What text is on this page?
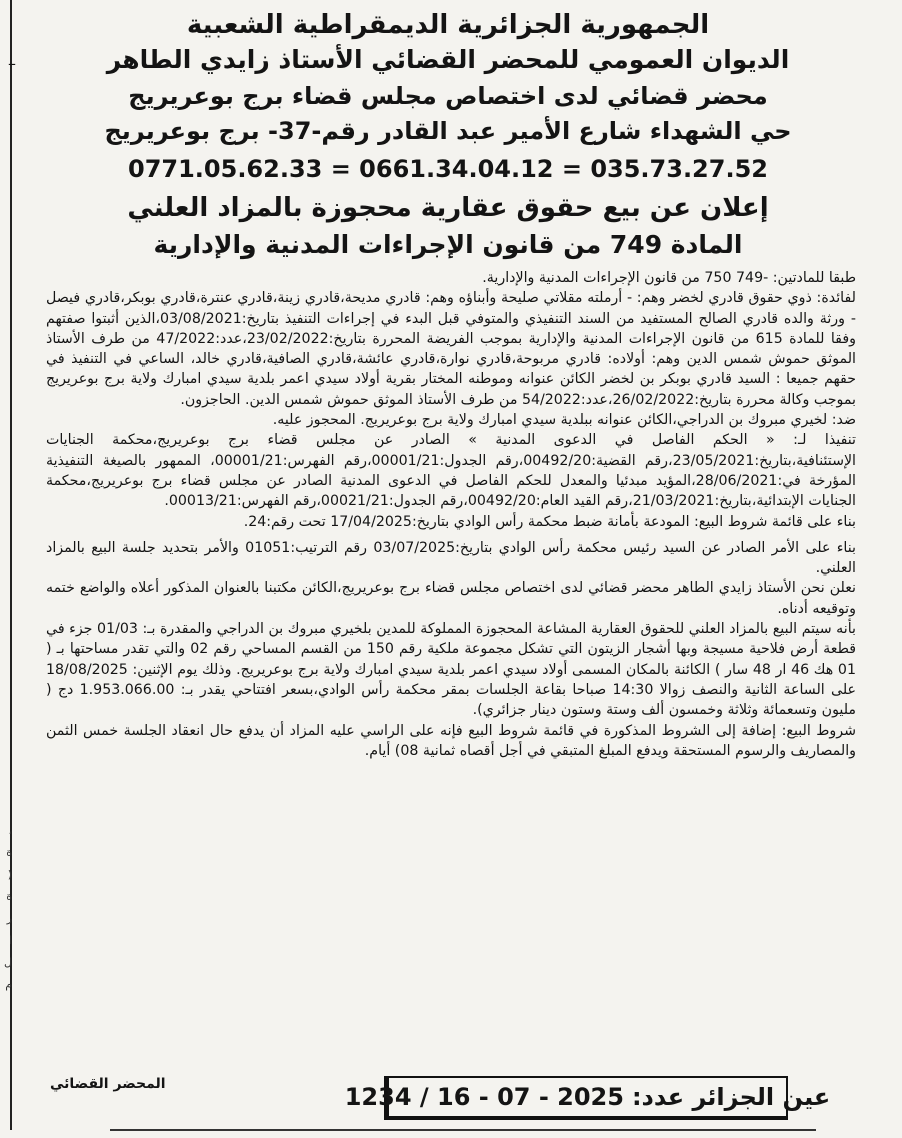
،
ة
)
ة
ر
ا
ل
م
الجمهورية الجزائرية الديمقراطية الشعبية
الديوان العمومي للمحضر القضائي الأستاذ زايدي الطاهر
محضر قضائي لدى اختصاص مجلس قضاء برج بوعريريج
حي الشهداء شارع الأمير عبد القادر رقم-37- برج بوعريريج
0771.05.62.33 = 0661.34.04.12 = 035.73.27.52
إعلان عن بيع حقوق عقارية محجوزة بالمزاد العلني
المادة 749 من قانون الإجراءات المدنية والإدارية
–

طبقا للمادتين: -749 750 من قانون الإجراءات المدنية والإدارية.

لفائدة: ذوي حقوق قادري لخضر وهم: - أرملته مقلاتي صليحة وأبناؤه وهم: قادري مديحة،قادري زينة،قادري عنترة،قادري بوبكر،قادري فيصل - ورثة والده قادري الصالح المستفيد من السند التنفيذي والمتوفي قبل البدء في إجراءات التنفيذ بتاريخ:03/08/2021،الذين أثبتوا صفتهم وفقا للمادة 615 من قانون الإجراءات المدنية والإدارية بموجب الفريضة المحررة بتاريخ:23/02/2022،عدد:47/2022 من طرف الأستاذ الموثق حموش شمس الدين وهم: أولاده: قادري مربوحة،قادري نوارة،قادري عائشة،قادري الصافية،قادري خالد، الساعي في التنفيذ في حقهم جميعا : السيد قادري بوبكر بن لخضر الكائن عنوانه وموطنه المختار بقرية أولاد سيدي اعمر بلدية سيدي امبارك ولاية برج بوعريريج بموجب وكالة محررة بتاريخ:26/02/2022،عدد:54/2022 من طرف الأستاذ الموثق حموش شمس الدين. الحاجزون.

ضد: لخيري مبروك بن الدراجي،الكائن عنوانه ببلدية سيدي امبارك ولاية برج بوعريريج. المحجوز عليه.

تنفيذا لـ: « الحكم الفاصل في الدعوى المدنية » الصادر عن مجلس قضاء برج بوعريريج،محكمة الجنايات الإستئنافية،بتاريخ:23/05/2021،رقم القضية:00492/20،رقم الجدول:00001/21،رقم الفهرس:00001/21، الممهور بالصيغة التنفيذية المؤرخة في:28/06/2021،المؤيد مبدئيا والمعدل للحكم الفاصل في الدعوى المدنية الصادر عن مجلس قضاء برج بوعريريج،محكمة الجنايات الإبتدائية،بتاريخ:21/03/2021،رقم القيد العام:00492/20،رقم الجدول:00021/21،رقم الفهرس:00013/21.

بناء على قائمة شروط البيع: المودعة بأمانة ضبط محكمة رأس الوادي بتاريخ:17/04/2025 تحت رقم:24.

بناء على الأمر الصادر عن السيد رئيس محكمة رأس الوادي بتاريخ:03/07/2025 رقم الترتيب:01051 والأمر بتحديد جلسة البيع بالمزاد العلني.

نعلن نحن الأستاذ زايدي الطاهر محضر قضائي لدى اختصاص مجلس قضاء برج بوعريريج،الكائن مكتبنا بالعنوان المذكور أعلاه والواضع ختمه وتوقيعه أدناه.

بأنه سيتم البيع بالمزاد العلني للحقوق العقارية المشاعة المحجوزة المملوكة للمدين بلخيري مبروك بن الدراجي والمقدرة بـ: 01/03 جزء في قطعة أرض فلاحية مسيجة وبها أشجار الزيتون التي تشكل مجموعة ملكية رقم 150 من القسم المساحي رقم 02 والتي تقدر مساحتها بـ ( 01 هك 46 ار 48 سار ) الكائنة بالمكان المسمى أولاد سيدي اعمر بلدية سيدي امبارك ولاية برج بوعريريج. وذلك يوم الإثنين: 18/08/2025 على الساعة الثانية والنصف زوالا 14:30 صباحا بقاعة الجلسات بمقر محكمة رأس الوادي،بسعر افتتاحي يقدر بـ: 1.953.066.00 دج ( مليون وتسعمائة وثلاثة وخمسون ألف وستة وستون دينار جزائري).

شروط البيع: إضافة إلى الشروط المذكورة في قائمة شروط البيع فإنه على الراسي عليه المزاد أن يدفع حال انعقاد الجلسة خمس الثمن والمصاريف والرسوم المستحقة ويدفع المبلغ المتبقي في أجل أقصاه ثمانية 08) أيام.

المحضر القضائي	عين الجزائر عدد:
1234 / 16 - 07 - 2025
